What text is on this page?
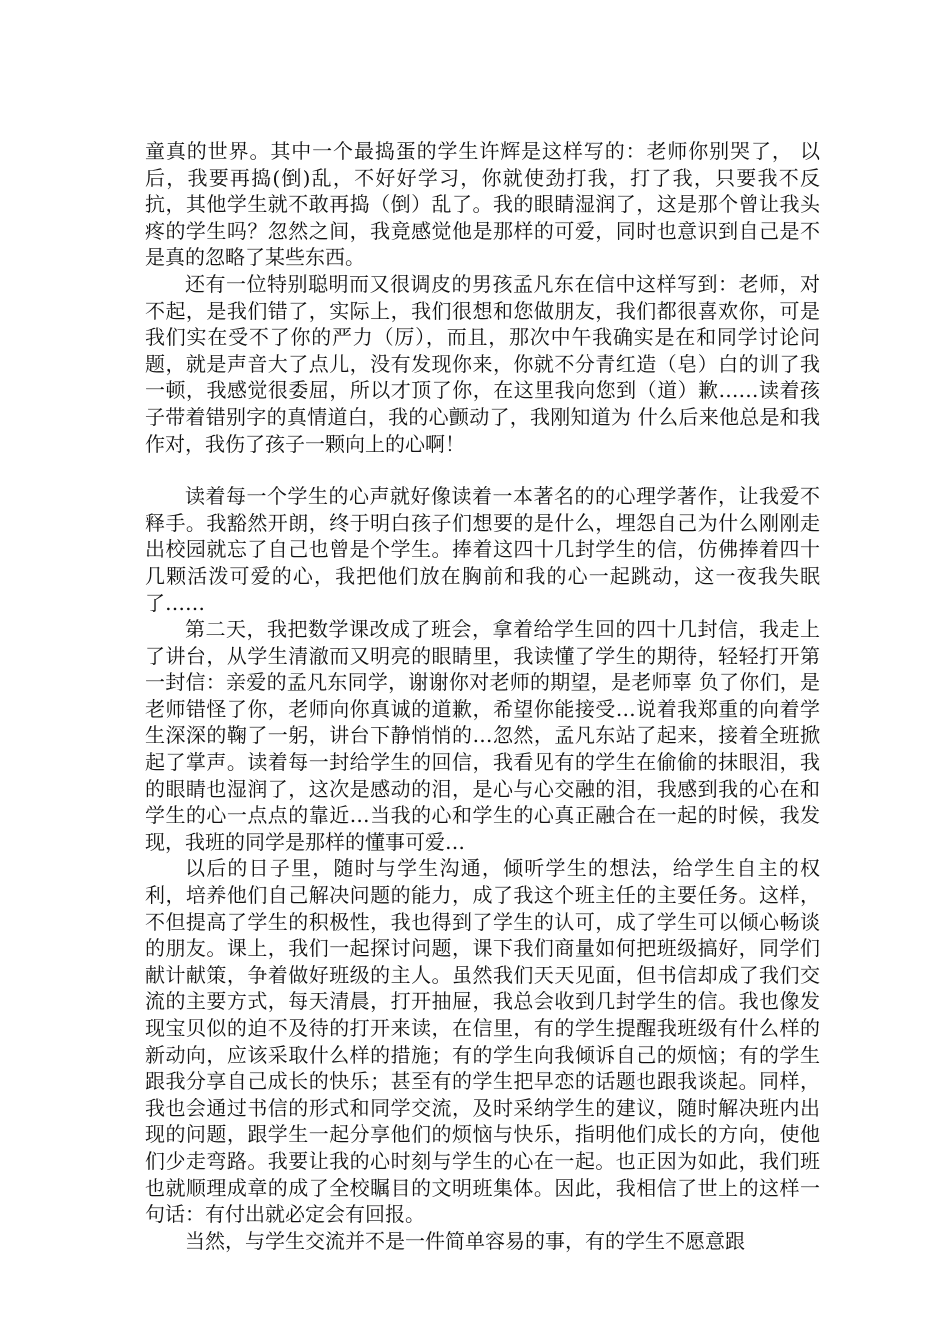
童真的世界。其中一个最捣蛋的学生许辉是这样写的：老师你别哭了， 以后，我要再捣(倒)乱，不好好学习，你就使劲打我，打了我，只要我不反抗，其他学生就不敢再捣（倒）乱了。我的眼睛湿润了，这是那个曾让我头疼的学生吗？忽然之间，我竟感觉他是那样的可爱，同时也意识到自己是不是真的忽略了某些东西。

还有一位特别聪明而又很调皮的男孩孟凡东在信中这样写到：老师，对不起，是我们错了，实际上，我们很想和您做朋友，我们都很喜欢你，可是我们实在受不了你的严力（厉），而且，那次中午我确实是在和同学讨论问题，就是声音大了点儿，没有发现你来，你就不分青红造（皂）白的训了我一顿，我感觉很委屈，所以才顶了你，在这里我向您到（道）歉……读着孩子带着错别字的真情道白，我的心颤动了，我刚知道为 什么后来他总是和我作对，我伤了孩子一颗向上的心啊！

读着每一个学生的心声就好像读着一本著名的的心理学著作，让我爱不释手。我豁然开朗，终于明白孩子们想要的是什么，埋怨自己为什么刚刚走出校园就忘了自己也曾是个学生。捧着这四十几封学生的信，仿佛捧着四十几颗活泼可爱的心，我把他们放在胸前和我的心一起跳动，这一夜我失眠了……

第二天，我把数学课改成了班会，拿着给学生回的四十几封信，我走上了讲台，从学生清澈而又明亮的眼睛里，我读懂了学生的期待，轻轻打开第一封信：亲爱的孟凡东同学，谢谢你对老师的期望，是老师辜 负了你们，是老师错怪了你，老师向你真诚的道歉，希望你能接受…说着我郑重的向着学生深深的鞠了一躬，讲台下静悄悄的…忽然，孟凡东站了起来，接着全班掀起了掌声。读着每一封给学生的回信，我看见有的学生在偷偷的抹眼泪，我的眼睛也湿润了，这次是感动的泪，是心与心交融的泪，我感到我的心在和学生的心一点点的靠近…当我的心和学生的心真正融合在一起的时候，我发现，我班的同学是那样的懂事可爱…

以后的日子里，随时与学生沟通，倾听学生的想法，给学生自主的权利，培养他们自己解决问题的能力，成了我这个班主任的主要任务。这样，不但提高了学生的积极性，我也得到了学生的认可，成了学生可以倾心畅谈的朋友。课上，我们一起探讨问题，课下我们商量如何把班级搞好，同学们献计献策，争着做好班级的主人。虽然我们天天见面，但书信却成了我们交流的主要方式，每天清晨，打开抽屉，我总会收到几封学生的信。我也像发现宝贝似的迫不及待的打开来读，在信里，有的学生提醒我班级有什么样的新动向，应该采取什么样的措施；有的学生向我倾诉自己的烦恼；有的学生跟我分享自己成长的快乐；甚至有的学生把早恋的话题也跟我谈起。同样，我也会通过书信的形式和同学交流，及时采纳学生的建议，随时解决班内出现的问题，跟学生一起分享他们的烦恼与快乐，指明他们成长的方向，使他们少走弯路。我要让我的心时刻与学生的心在一起。也正因为如此，我们班也就顺理成章的成了全校瞩目的文明班集体。因此，我相信了世上的这样一句话：有付出就必定会有回报。

当然，与学生交流并不是一件简单容易的事，有的学生不愿意跟
